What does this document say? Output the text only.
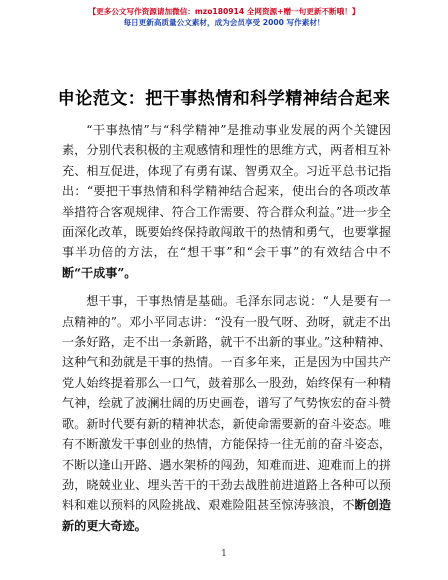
【更多公文写作资源请加微信：mzo180914 全网资源+赠一句更新不断哦！】
每日更新高质量公文素材，成为会员享受 2000 写作素材！
申论范文：把干事热情和科学精神结合起来

“干事热情”与“科学精神”是推动事业发展的两个关键因素，分别代表积极的主观感情和理性的思维方式，两者相互补充、相互促进，体现了有勇有谋、智勇双全。习近平总书记指出：“要把干事热情和科学精神结合起来，使出台的各项改革举措符合客观规律、符合工作需要、符合群众利益。”进一步全面深化改革，既要始终保持敢闯敢干的热情和勇气，也要掌握事半功倍的方法，在“想干事”和“会干事”的有效结合中不断“干成事”。

想干事，干事热情是基础。毛泽东同志说：“人是要有一点精神的”。邓小平同志讲：“没有一股气呀、劲呀，就走不出一条好路，走不出一条新路，就干不出新的事业。”这种精神、这种气和劲就是干事的热情。一百多年来，正是因为中国共产党人始终提着那么一口气，鼓着那么一股劲，始终保有一种精气神，绘就了波澜壮阔的历史画卷，谱写了气势恢宏的奋斗赞歌。新时代要有新的精神状态，新使命需要新的奋斗姿态。唯有不断激发干事创业的热情，方能保持一往无前的奋斗姿态，不断以逢山开路、遇水架桥的闯劲，知难而进、迎难而上的拼劲，晓兢业业、埋头苦干的干劲去战胜前进道路上各种可以预料和难以预料的风险挑战、艰难险阻甚至惊涛骇浪，不断创造新的更大奇迹。

1
